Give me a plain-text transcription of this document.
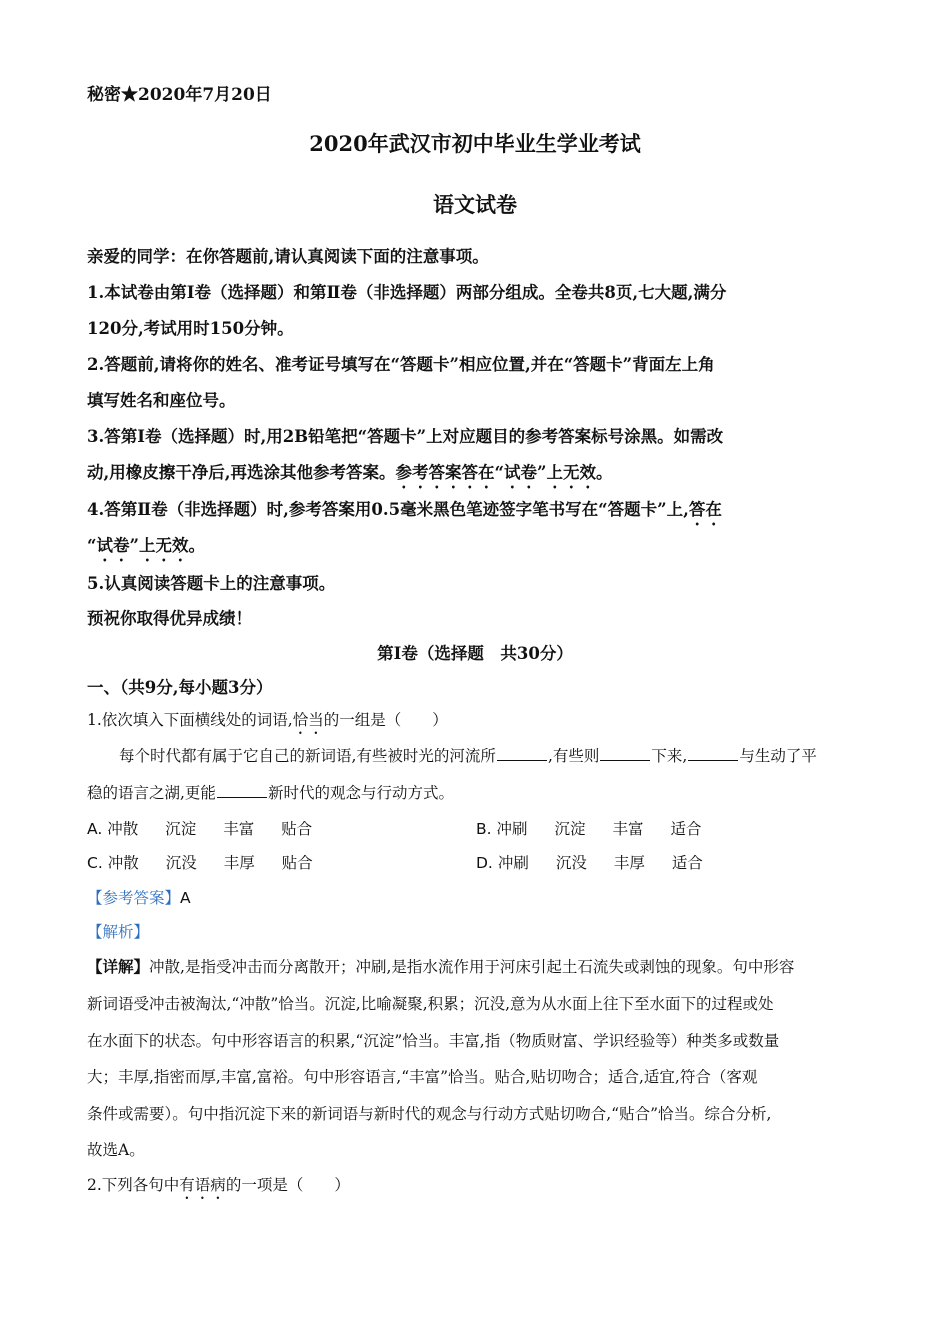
秘密★2020年7月20日
2020年武汉市初中毕业生学业考试
语文试卷
亲爱的同学：在你答题前,请认真阅读下面的注意事项。
1.本试卷由第Ⅰ卷（选择题）和第Ⅱ卷（非选择题）两部分组成。全卷共8页,七大题,满分
120分,考试用时150分钟。
2.答题前,请将你的姓名、准考证号填写在“答题卡”相应位置,并在“答题卡”背面左上角
填写姓名和座位号。
3.答第Ⅰ卷（选择题）时,用2B铅笔把“答题卡”上对应题目的参考答案标号涂黑。如需改
动,用橡皮擦干净后,再选涂其他参考答案。参考答案答在“试卷”上无效。
4.答第Ⅱ卷（非选择题）时,参考答案用0.5毫米黑色笔迹签字笔书写在“答题卡”上,答在
“试卷”上无效。
5.认真阅读答题卡上的注意事项。
预祝你取得优异成绩！
第Ⅰ卷（选择题　共30分）
一、（共9分,每小题3分）
1.依次填入下面横线处的词语,恰当的一组是（　　）
每个时代都有属于它自己的新词语,有些被时光的河流所	,有些则	下来,	与生动了平
稳的语言之湖,更能	新时代的观念与行动方式。
A. 冲散 沉淀 丰富 贴合	B. 冲刷 沉淀 丰富 适合
C. 冲散 沉没 丰厚 贴合	D. 冲刷 沉没 丰厚 适合
【参考答案】A
【解析】
【详解】冲散,是指受冲击而分离散开；冲刷,是指水流作用于河床引起土石流失或剥蚀的现象。句中形容
新词语受冲击被淘汰,“冲散”恰当。沉淀,比喻凝聚,积累；沉没,意为从水面上往下至水面下的过程或处
在水面下的状态。句中形容语言的积累,“沉淀”恰当。丰富,指（物质财富、学识经验等）种类多或数量
大；丰厚,指密而厚,丰富,富裕。句中形容语言,“丰富”恰当。贴合,贴切吻合；适合,适宜,符合（客观
条件或需要）。句中指沉淀下来的新词语与新时代的观念与行动方式贴切吻合,“贴合”恰当。综合分析,
故选A。
2.下列各句中有语病的一项是（　　）
